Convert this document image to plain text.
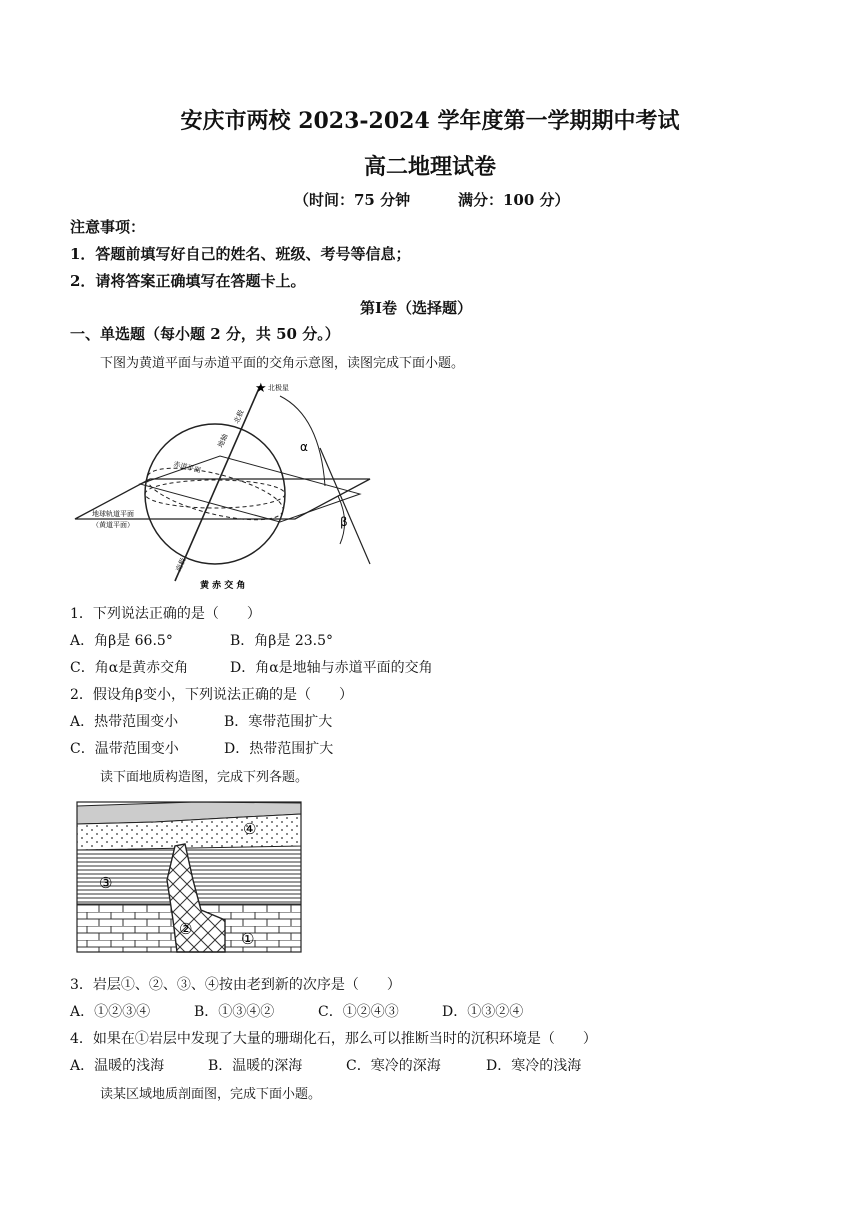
安庆市两校 2023-2024 学年度第一学期期中考试
高二地理试卷
（时间：75 分钟	满分：100 分）
注意事项：
1．答题前填写好自己的姓名、班级、考号等信息；
2．请将答案正确填写在答题卡上。
第Ⅰ卷（选择题）
一、单选题（每小题 2 分，共 50 分。）
下图为黄道平面与赤道平面的交角示意图，读图完成下面小题。
★ 北极星
北极
地轴
赤道平面
地球轨道平面
（黄道平面）
南极
α
β
黄 赤 交 角
1．下列说法正确的是（　　）
A．角β是 66.5°	B．角β是 23.5°
C．角α是黄赤交角	D．角α是地轴与赤道平面的交角
2．假设角β变小，下列说法正确的是（　　）
A．热带范围变小	B．寒带范围扩大
C．温带范围变小	D．热带范围扩大
读下面地质构造图，完成下列各题。
④
③
②
①
3．岩层①、②、③、④按由老到新的次序是（　　）
A．①②③④	B．①③④②	C．①②④③	D．①③②④
4．如果在①岩层中发现了大量的珊瑚化石，那么可以推断当时的沉积环境是（　　）
A．温暖的浅海	B．温暖的深海	C．寒冷的深海	D．寒冷的浅海
读某区域地质剖面图，完成下面小题。
